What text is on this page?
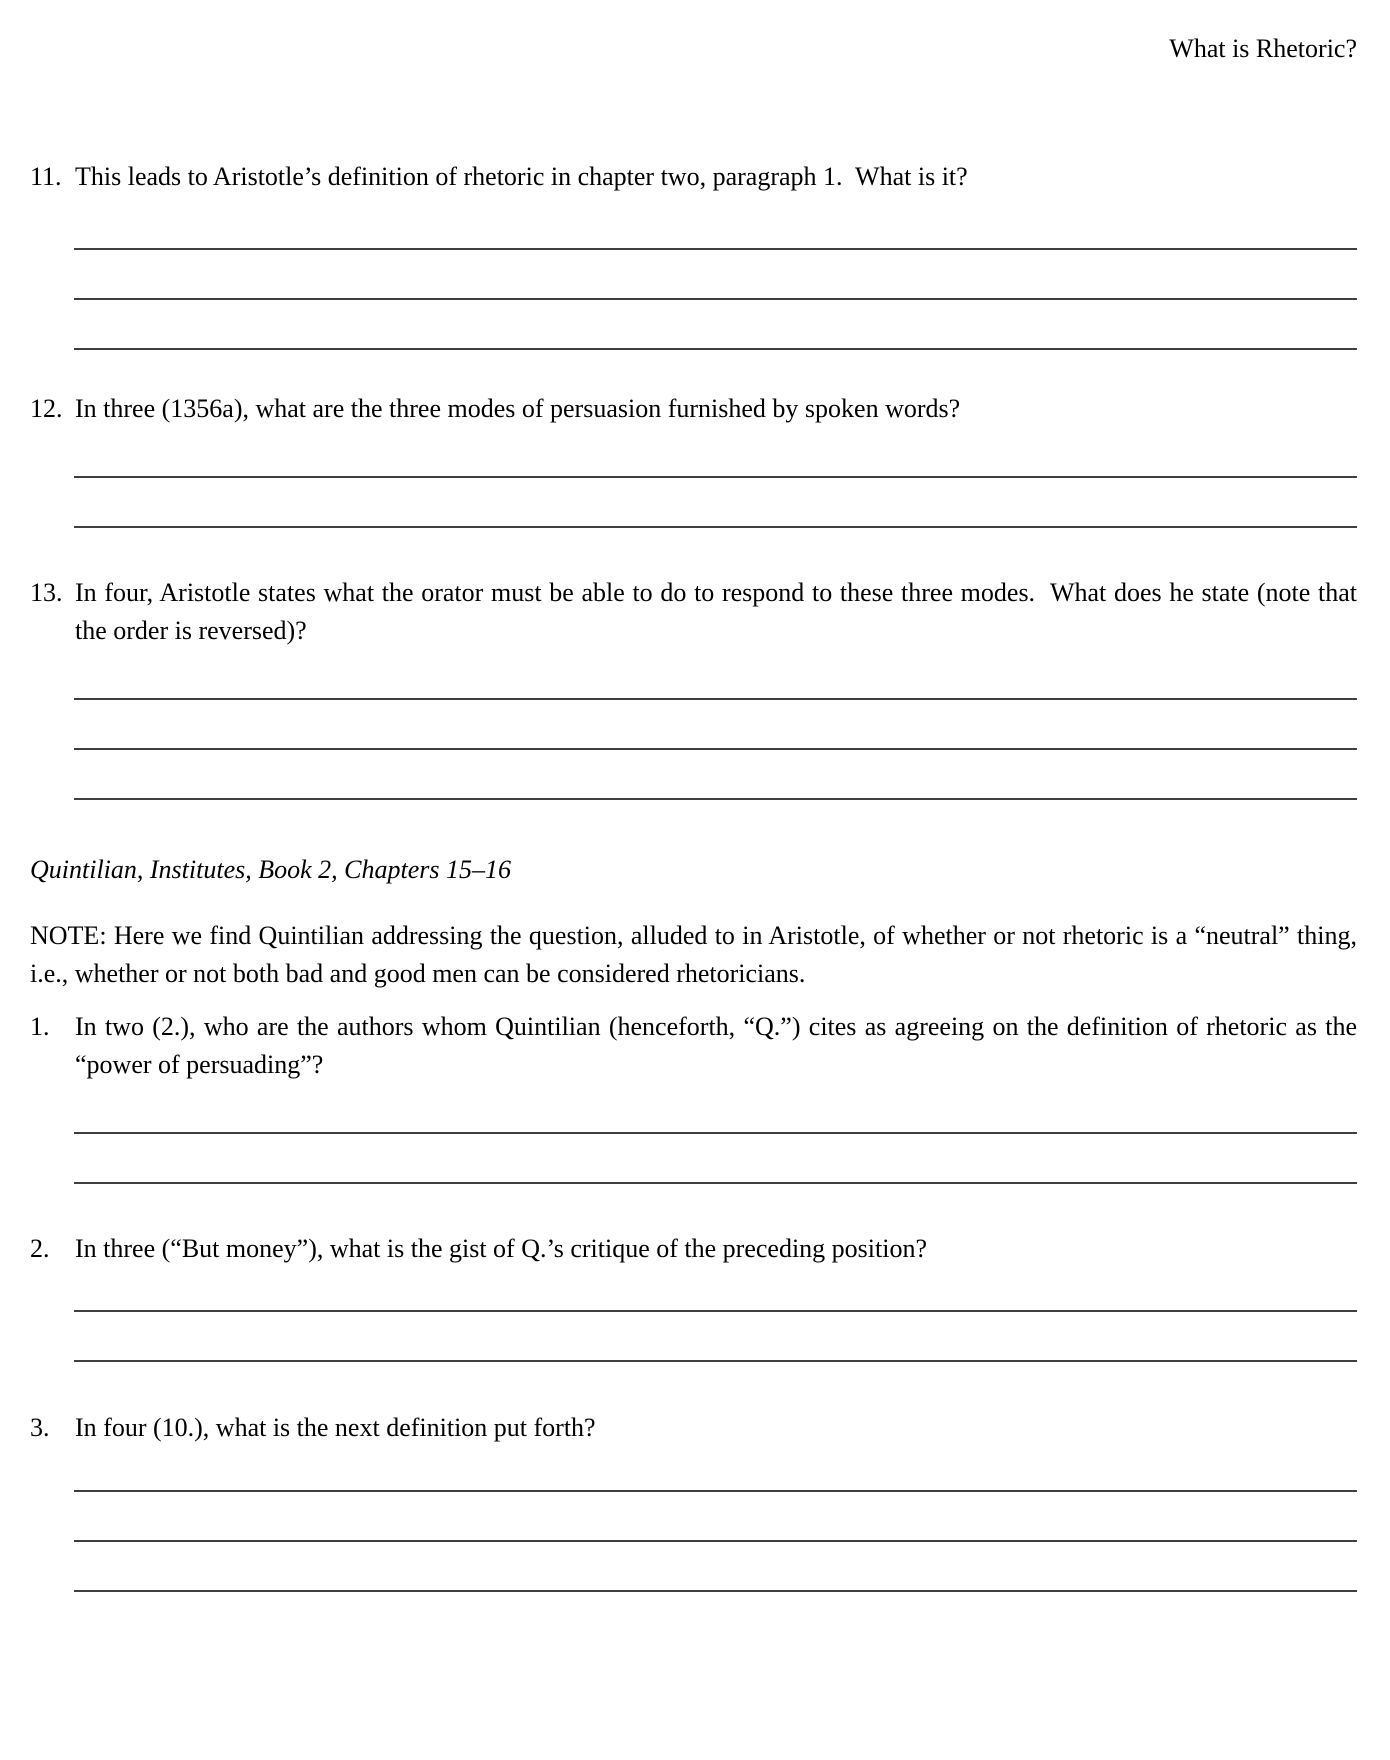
What is Rhetoric?
11. This leads to Aristotle’s definition of rhetoric in chapter two, paragraph 1.  What is it?

12. In three (1356a), what are the three modes of persuasion furnished by spoken words?

13. In four, Aristotle states what the orator must be able to do to respond to these three modes.  What does he state (note that the order is reversed)?

Quintilian, Institutes, Book 2, Chapters 15–16

NOTE: Here we find Quintilian addressing the question, alluded to in Aristotle, of whether or not rhetoric is a “neutral” thing, i.e., whether or not both bad and good men can be considered rhetoricians.

1. In two (2.), who are the authors whom Quintilian (henceforth, “Q.”) cites as agreeing on the definition of rhetoric as the “power of persuading”?

2. In three (“But money”), what is the gist of Q.’s critique of the preceding position?

3. In four (10.), what is the next definition put forth?
